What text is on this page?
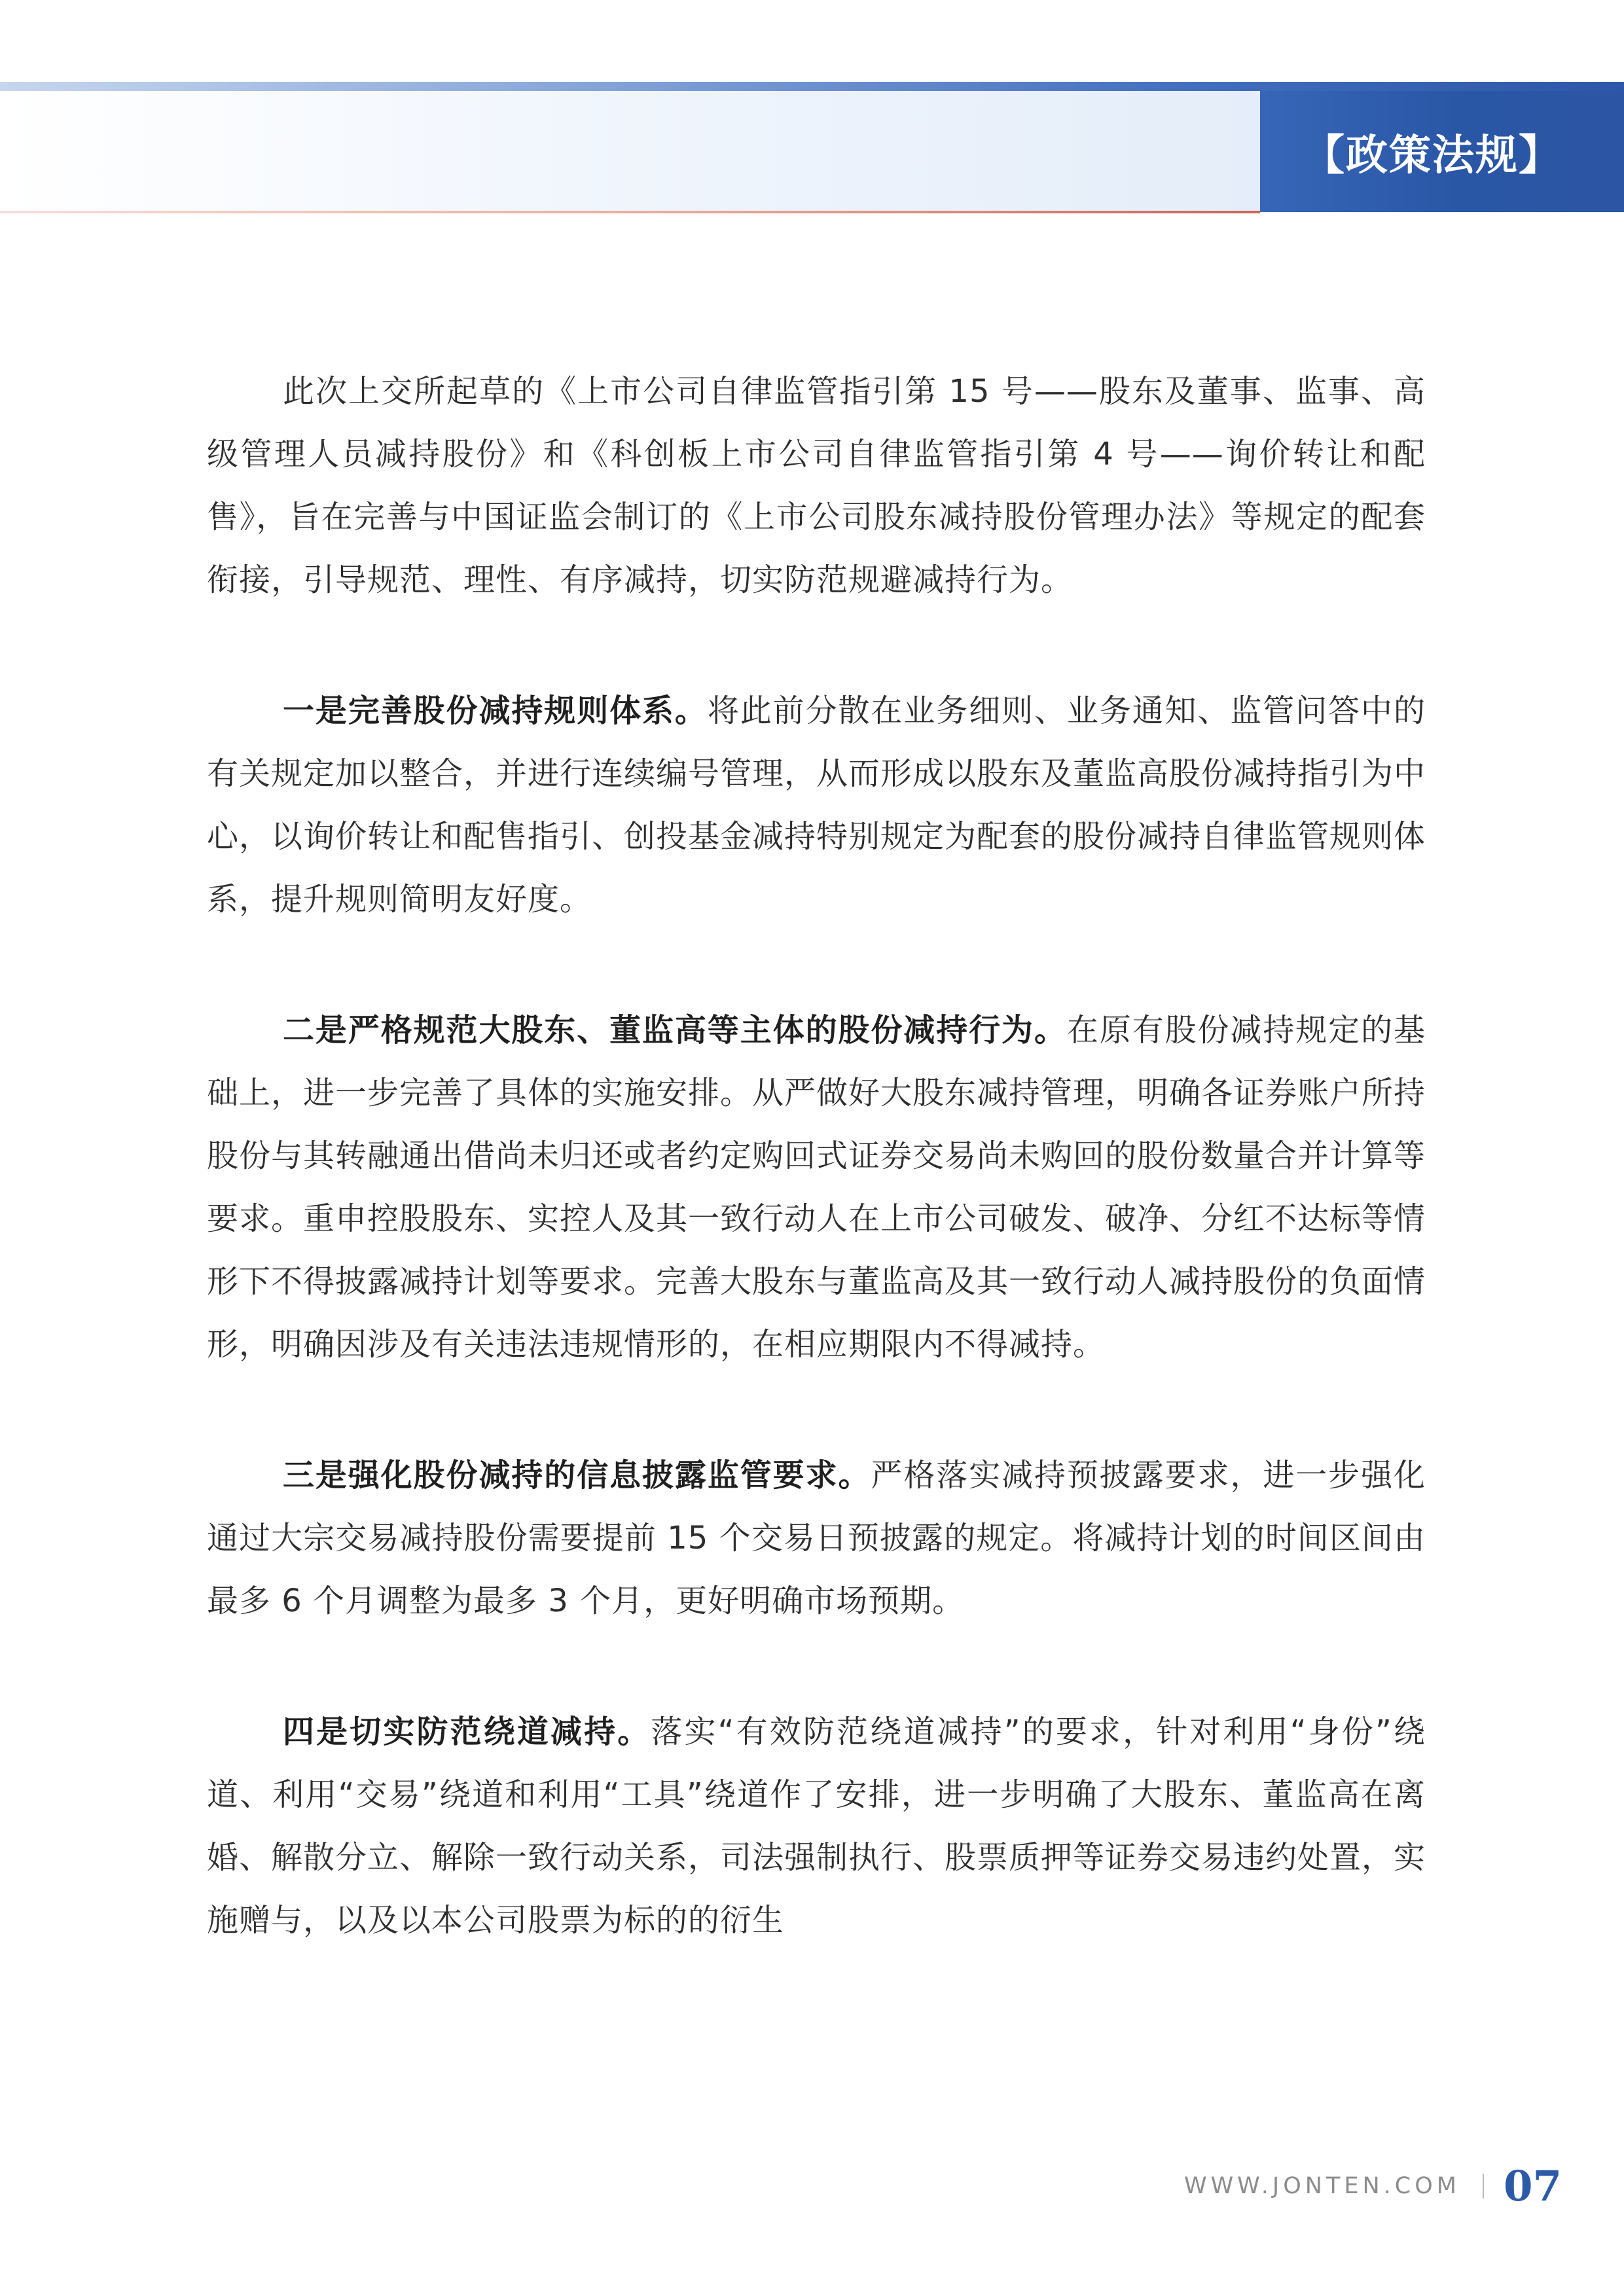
【政策法规】

此次上交所起草的《上市公司自律监管指引第 15 号——股东及董事、监事、高级管理人员减持股份》和《科创板上市公司自律监管指引第 4 号——询价转让和配售》，旨在完善与中国证监会制订的《上市公司股东减持股份管理办法》等规定的配套衔接，引导规范、理性、有序减持，切实防范规避减持行为。

一是完善股份减持规则体系。将此前分散在业务细则、业务通知、监管问答中的有关规定加以整合，并进行连续编号管理，从而形成以股东及董监高股份减持指引为中心，以询价转让和配售指引、创投基金减持特别规定为配套的股份减持自律监管规则体系，提升规则简明友好度。

二是严格规范大股东、董监高等主体的股份减持行为。在原有股份减持规定的基础上，进一步完善了具体的实施安排。从严做好大股东减持管理，明确各证券账户所持股份与其转融通出借尚未归还或者约定购回式证券交易尚未购回的股份数量合并计算等要求。重申控股股东、实控人及其一致行动人在上市公司破发、破净、分红不达标等情形下不得披露减持计划等要求。完善大股东与董监高及其一致行动人减持股份的负面情形，明确因涉及有关违法违规情形的，在相应期限内不得减持。

三是强化股份减持的信息披露监管要求。严格落实减持预披露要求，进一步强化通过大宗交易减持股份需要提前 15 个交易日预披露的规定。将减持计划的时间区间由最多 6 个月调整为最多 3 个月，更好明确市场预期。

四是切实防范绕道减持。落实“有效防范绕道减持”的要求，针对利用“身份”绕道、利用“交易”绕道和利用“工具”绕道作了安排，进一步明确了大股东、董监高在离婚、解散分立、解除一致行动关系，司法强制执行、股票质押等证券交易违约处置，实施赠与，以及以本公司股票为标的的衍生

WWW.JONTEN.COM 07
